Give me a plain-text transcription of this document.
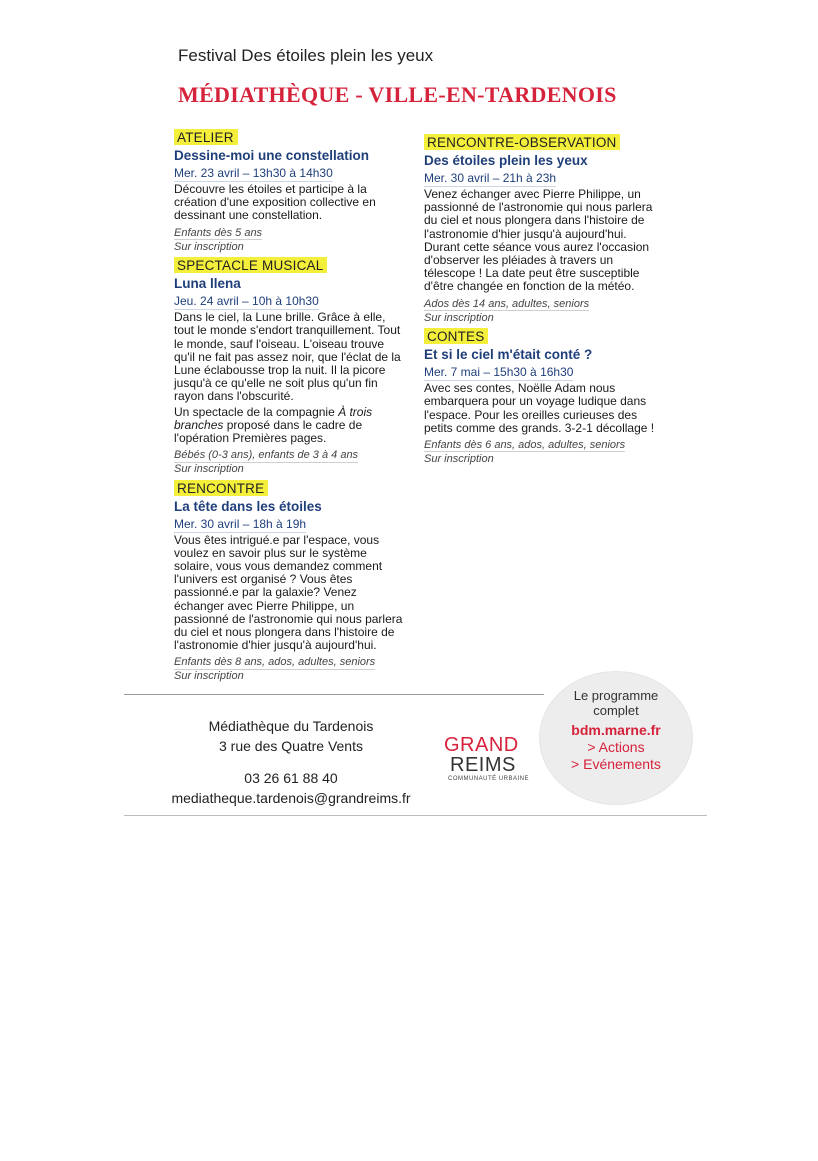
Festival Des étoiles plein les yeux
MÉDIATHÈQUE - VILLE-EN-TARDENOIS
ATELIER
Dessine-moi une constellation
Mer. 23 avril – 13h30 à 14h30
Découvre les étoiles et participe à la création d'une exposition collective en dessinant une constellation.
Enfants dès 5 ans
Sur inscription
SPECTACLE MUSICAL
Luna llena
Jeu. 24 avril – 10h à 10h30
Dans le ciel, la Lune brille. Grâce à elle, tout le monde s'endort tranquillement. Tout le monde, sauf l'oiseau. L'oiseau trouve qu'il ne fait pas assez noir, que l'éclat de la Lune éclabousse trop la nuit. Il la picore jusqu'à ce qu'elle ne soit plus qu'un fin rayon dans l'obscurité.
Un spectacle de la compagnie À trois branches proposé dans le cadre de l'opération Premières pages.
Bébés (0-3 ans), enfants de 3 à 4 ans
Sur inscription
RENCONTRE
La tête dans les étoiles
Mer. 30 avril – 18h à 19h
Vous êtes intrigué.e par l'espace, vous voulez en savoir plus sur le système solaire, vous vous demandez comment l'univers est organisé ? Vous êtes passionné.e par la galaxie? Venez échanger avec Pierre Philippe, un passionné de l'astronomie qui nous parlera du ciel et nous plongera dans l'histoire de l'astronomie d'hier jusqu'à aujourd'hui.
Enfants dès 8 ans, ados, adultes, seniors
Sur inscription
RENCONTRE-OBSERVATION
Des étoiles plein les yeux
Mer. 30 avril – 21h à 23h
Venez échanger avec Pierre Philippe, un passionné de l'astronomie qui nous parlera du ciel et nous plongera dans l'histoire de l'astronomie d'hier jusqu'à aujourd'hui. Durant cette séance vous aurez l'occasion d'observer les pléiades à travers un télescope ! La date peut être susceptible d'être changée en fonction de la météo.
Ados dès 14 ans, adultes, seniors
Sur inscription
CONTES
Et si le ciel m'était conté ?
Mer. 7 mai – 15h30 à 16h30
Avec ses contes, Noëlle Adam nous embarquera pour un voyage ludique dans l'espace. Pour les oreilles curieuses des petits comme des grands. 3-2-1 décollage !
Enfants dès 6 ans, ados, adultes, seniors
Sur inscription
Médiathèque du Tardenois
3 rue des Quatre Vents
03 26 61 88 40
mediatheque.tardenois@grandreims.fr
GRAND
REIMS
COMMUNAUTÉ URBAINE
Le programme
complet
bdm.marne.fr
> Actions
> Evénements
